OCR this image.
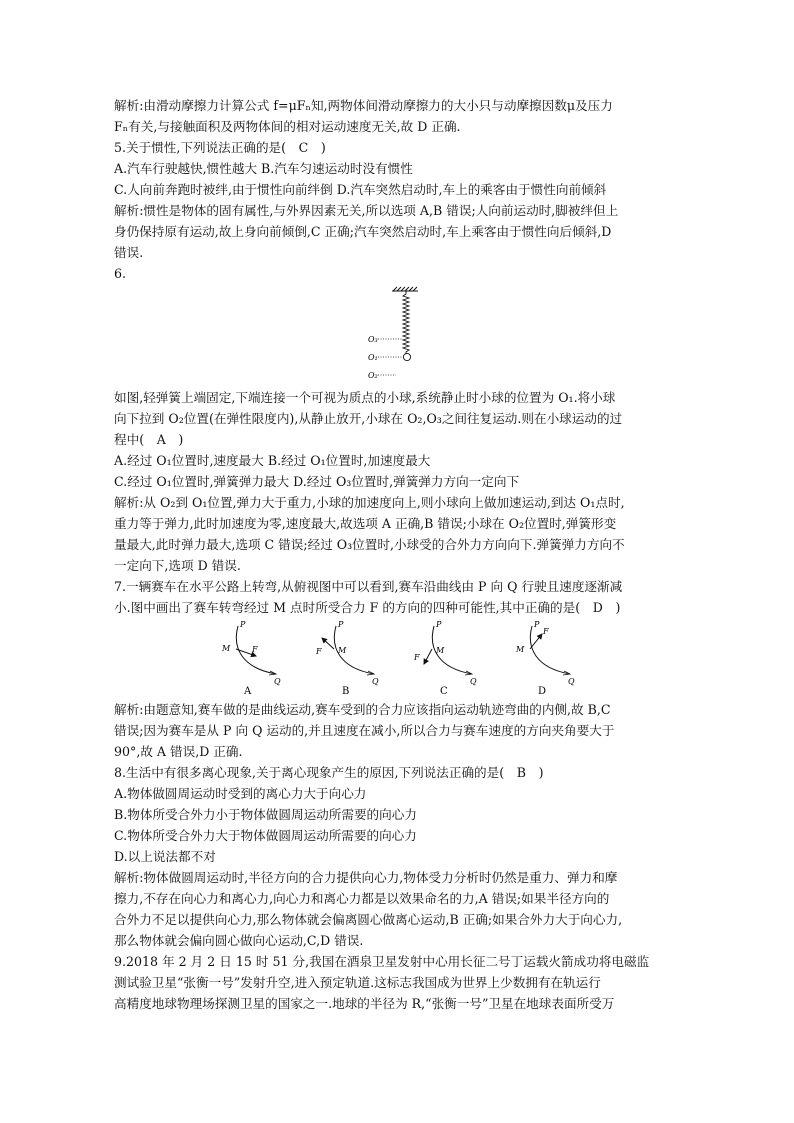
解析:由滑动摩擦力计算公式 f=μFₙ知,两物体间滑动摩擦力的大小只与动摩擦因数μ及压力
Fₙ有关,与接触面积及两物体间的相对运动速度无关,故 D 正确.
5.关于惯性,下列说法正确的是(　C　)
A.汽车行驶越快,惯性越大 B.汽车匀速运动时没有惯性
C.人向前奔跑时被绊,由于惯性向前绊倒 D.汽车突然启动时,车上的乘客由于惯性向前倾斜
解析:惯性是物体的固有属性,与外界因素无关,所以选项 A,B 错误;人向前运动时,脚被绊但上
身仍保持原有运动,故上身向前倾倒,C 正确;汽车突然启动时,车上乘客由于惯性向后倾斜,D
错误.
6.
O₃
O₁
O₂
如图,轻弹簧上端固定,下端连接一个可视为质点的小球,系统静止时小球的位置为 O₁.将小球
向下拉到 O₂位置(在弹性限度内),从静止放开,小球在 O₂,O₃之间往复运动.则在小球运动的过
程中(　A　)
A.经过 O₁位置时,速度最大 B.经过 O₁位置时,加速度最大
C.经过 O₁位置时,弹簧弹力最大 D.经过 O₃位置时,弹簧弹力方向一定向下
解析:从 O₂到 O₁位置,弹力大于重力,小球的加速度向上,则小球向上做加速运动,到达 O₁点时,
重力等于弹力,此时加速度为零,速度最大,故选项 A 正确,B 错误;小球在 O₂位置时,弹簧形变
量最大,此时弹力最大,选项 C 错误;经过 O₃位置时,小球受的合外力方向向下.弹簧弹力方向不
一定向下,选项 D 错误.
7.一辆赛车在水平公路上转弯,从俯视图中可以看到,赛车沿曲线由 P 向 Q 行驶且速度逐渐减
小.图中画出了赛车转弯经过 M 点时所受合力 F 的方向的四种可能性,其中正确的是(　D　)
P
M	F
Q
A
P
M
F
Q
B
P
M
F
Q
C
P
M
F
Q
D
解析:由题意知,赛车做的是曲线运动,赛车受到的合力应该指向运动轨迹弯曲的内侧,故 B,C
错误;因为赛车是从 P 向 Q 运动的,并且速度在减小,所以合力与赛车速度的方向夹角要大于
90°,故 A 错误,D 正确.
8.生活中有很多离心现象,关于离心现象产生的原因,下列说法正确的是(　B　)
A.物体做圆周运动时受到的离心力大于向心力
B.物体所受合外力小于物体做圆周运动所需要的向心力
C.物体所受合外力大于物体做圆周运动所需要的向心力
D.以上说法都不对
解析:物体做圆周运动时,半径方向的合力提供向心力,物体受力分析时仍然是重力、弹力和摩
擦力,不存在向心力和离心力,向心力和离心力都是以效果命名的力,A 错误;如果半径方向的
合外力不足以提供向心力,那么物体就会偏离圆心做离心运动,B 正确;如果合外力大于向心力,
那么物体就会偏向圆心做向心运动,C,D 错误.
9.2018 年 2 月 2 日 15 时 51 分,我国在酒泉卫星发射中心用长征二号丁运载火箭成功将电磁监
测试验卫星“张衡一号”发射升空,进入预定轨道.这标志我国成为世界上少数拥有在轨运行
高精度地球物理场探测卫星的国家之一.地球的半径为 R,“张衡一号”卫星在地球表面所受万
